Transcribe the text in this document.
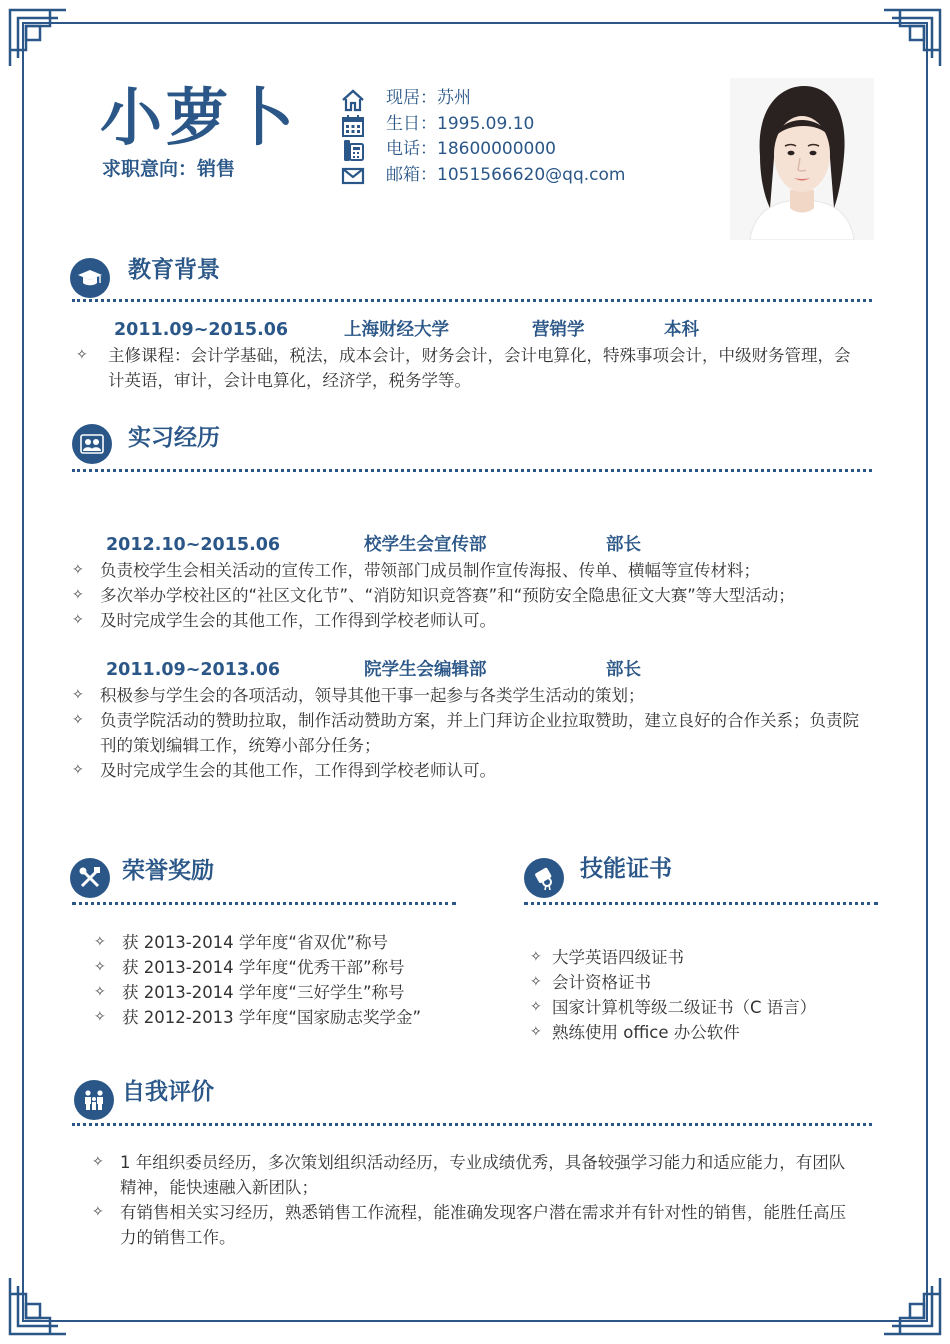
小萝卜
求职意向：销售
现居：苏州
生日：1995.09.10
电话：18600000000
邮箱：1051566620@qq.com
教育背景
2011.09~2015.06	上海财经大学	营销学	本科
✧ 主修课程：会计学基础，税法，成本会计，财务会计，会计电算化，特殊事项会计，中级财务管理，会计英语，审计，会计电算化，经济学，税务学等。
实习经历
2012.10~2015.06	校学生会宣传部	部长
✧ 负责校学生会相关活动的宣传工作，带领部门成员制作宣传海报、传单、横幅等宣传材料；
✧ 多次举办学校社区的“社区文化节”、“消防知识竞答赛”和“预防安全隐患征文大赛”等大型活动；
✧ 及时完成学生会的其他工作，工作得到学校老师认可。
2011.09~2013.06	院学生会编辑部	部长
✧ 积极参与学生会的各项活动，领导其他干事一起参与各类学生活动的策划；
✧ 负责学院活动的赞助拉取，制作活动赞助方案，并上门拜访企业拉取赞助，建立良好的合作关系；负责院刊的策划编辑工作，统筹小部分任务；
✧ 及时完成学生会的其他工作，工作得到学校老师认可。
荣誉奖励
✧ 获 2013-2014 学年度“省双优”称号
✧ 获 2013-2014 学年度“优秀干部”称号
✧ 获 2013-2014 学年度“三好学生”称号
✧ 获 2012-2013 学年度“国家励志奖学金”
技能证书
✧ 大学英语四级证书
✧ 会计资格证书
✧ 国家计算机等级二级证书（C 语言）
✧ 熟练使用 office 办公软件
自我评价
✧ 1 年组织委员经历，多次策划组织活动经历，专业成绩优秀，具备较强学习能力和适应能力，有团队精神，能快速融入新团队；
✧ 有销售相关实习经历，熟悉销售工作流程，能准确发现客户潜在需求并有针对性的销售，能胜任高压力的销售工作。
